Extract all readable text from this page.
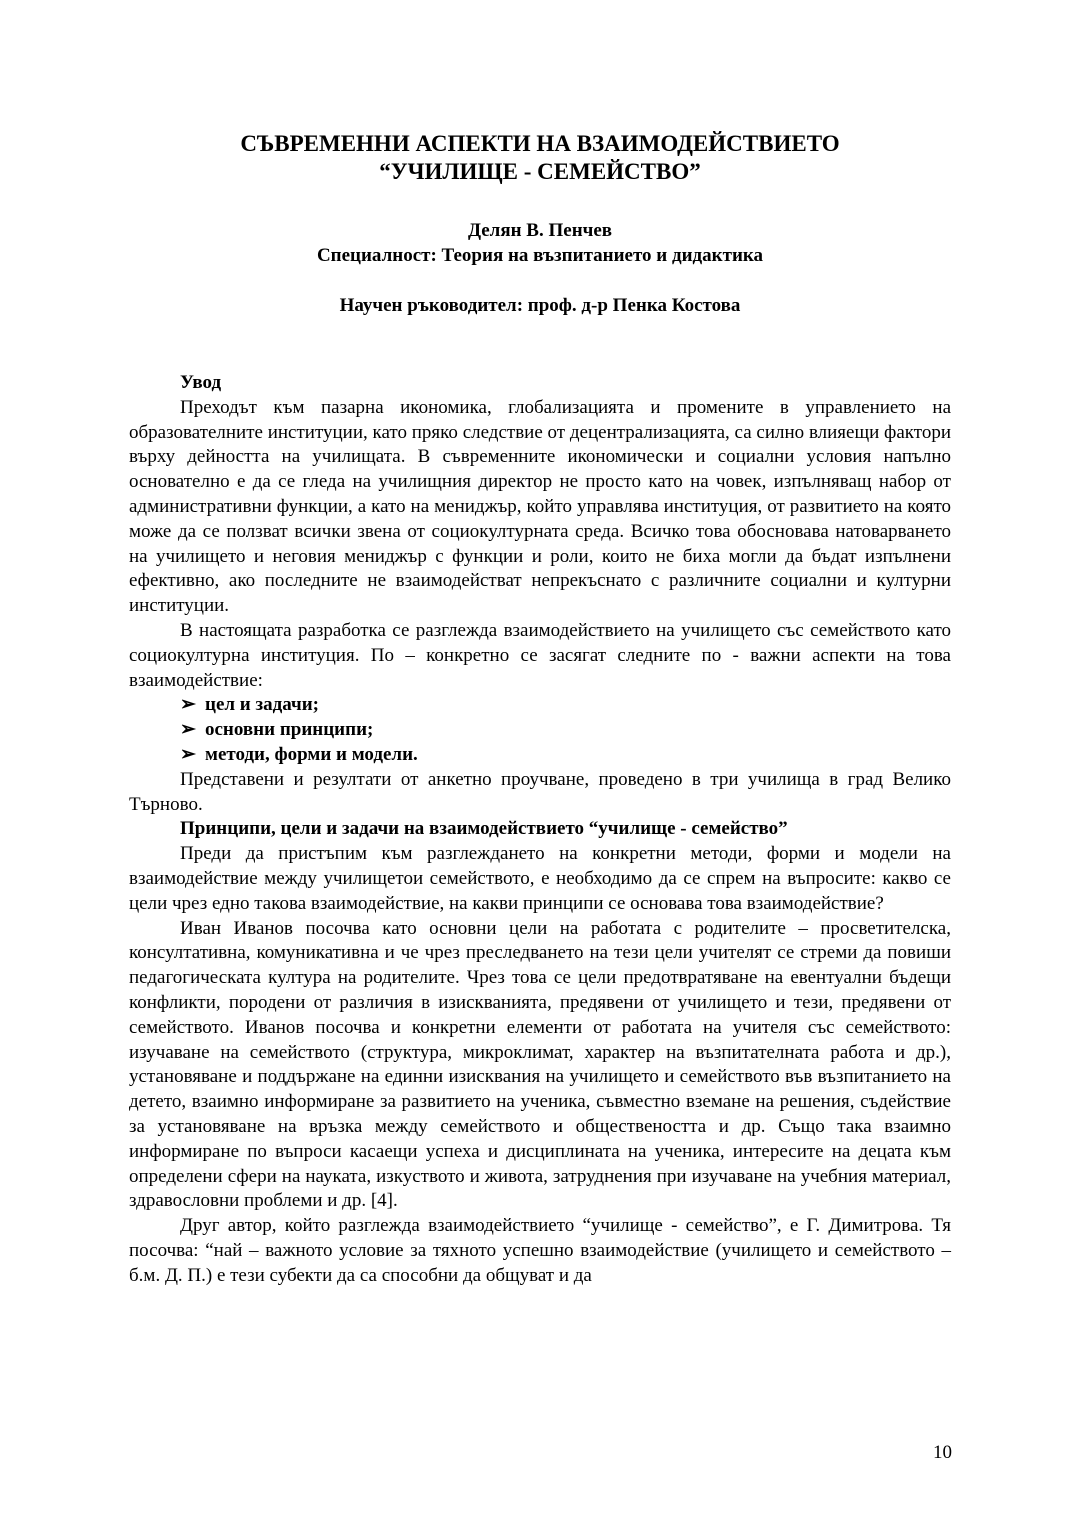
СЪВРЕМЕННИ АСПЕКТИ НА ВЗАИМОДЕЙСТВИЕТО
“УЧИЛИЩЕ - СЕМЕЙСТВО”
Делян В. Пенчев
Специалност: Теория на възпитанието и дидактика
Научен ръководител: проф. д-р Пенка Костова

Увод

Преходът към пазарна икономика, глобализацията и промените в управлението на образователните институции, като пряко следствие от децентрализацията, са силно влияещи фактори върху дейността на училищата. В съвременните икономически и социални условия напълно основателно е да се гледа на училищния директор не просто като на човек, изпълняващ набор от административни функции, а като на мениджър, който управлява институция, от развитието на която може да се ползват всички звена от социокултурната среда. Всичко това обосновава натоварването на училището и неговия мениджър с функции и роли, които не биха могли да бъдат изпълнени ефективно, ако последните не взаимодействат непрекъснато с различните социални и културни институции.

В настоящата разработка се разглежда взаимодействието на училището със семейството като социокултурна институция. По – конкретно се засягат следните по - важни аспекти на това взаимодействие:

➢ цел и задачи;

➢ основни принципи;

➢ методи, форми и модели.

Представени и резултати от анкетно проучване, проведено в три училища в град Велико Търново.

Принципи, цели и задачи на взаимодействието “училище - семейство”

Преди да пристъпим към разглеждането на конкретни методи, форми и модели на взаимодействие между училищетои семейството, е необходимо да се спрем на въпросите: какво се цели чрез едно такова взаимодействие, на какви принципи се основава това взаимодействие?

Иван Иванов посочва като основни цели на работата с родителите – просветителска, консултативна, комуникативна и че чрез преследването на тези цели учителят се стреми да повиши педагогическата култура на родителите. Чрез това се цели предотвратяване на евентуални бъдещи конфликти, породени от различия в изискванията, предявени от училището и тези, предявени от семейството. Иванов посочва и конкретни елементи от работата на учителя със семейството: изучаване на семейството (структура, микроклимат, характер на възпитателната работа и др.), установяване и поддържане на единни изисквания на училището и семейството във възпитанието на детето, взаимно информиране за развитието на ученика, съвместно вземане на решения, съдействие за установяване на връзка между семейството и обществеността и др. Също така взаимно информиране по въпроси касаещи успеха и дисциплината на ученика, интересите на децата към определени сфери на науката, изкуството и живота, затруднения при изучаване на учебния материал, здравословни проблеми и др. [4].

Друг автор, който разглежда взаимодействието “училище - семейство”, е Г. Димитрова. Тя посочва: “най – важното условие за тяхното успешно взаимодействие (училището и семейството – б.м. Д. П.) е тези субекти да са способни да общуват и да

10
